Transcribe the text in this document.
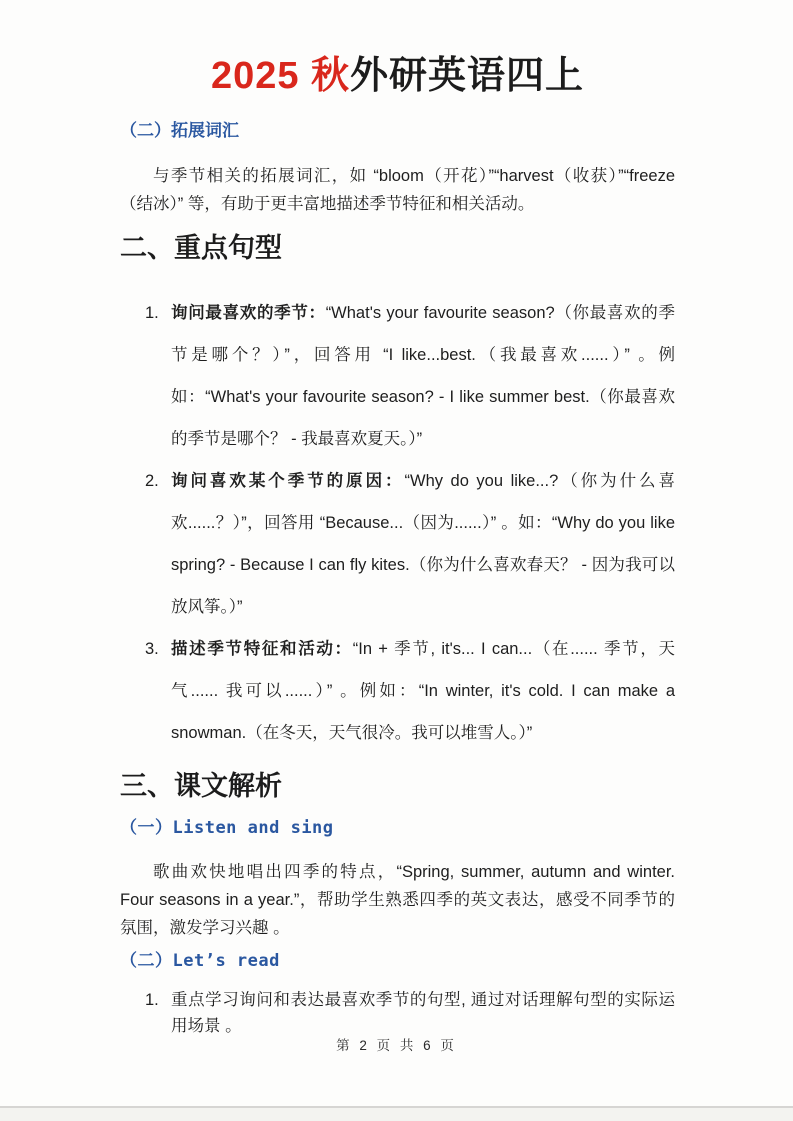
2025 秋外研英语四上
（二）拓展词汇

与季节相关的拓展词汇，如 “bloom（开花）”“harvest（收获）”“freeze（结冰）” 等，有助于更丰富地描述季节特征和相关活动。

二、重点句型
1. 询问最喜欢的季节：“What's your favourite season?（你最喜欢的季节是哪个？）”，回答用 “I like...best.（我最喜欢......）” 。例如：“What's your favourite season? - I like summer best.（你最喜欢的季节是哪个？ - 我最喜欢夏天。）”
2. 询问喜欢某个季节的原因：“Why do you like...?（你为什么喜欢......？）”，回答用 “Because...（因为......）” 。如：“Why do you like spring? - Because I can fly kites.（你为什么喜欢春天？ - 因为我可以放风筝。）”
3. 描述季节特征和活动：“In + 季节, it's... I can...（在...... 季节，天气...... 我可以......）” 。例如：“In winter, it's cold. I can make a snowman.（在冬天，天气很冷。我可以堆雪人。）”
三、课文解析
（一）Listen and sing

歌曲欢快地唱出四季的特点，“Spring, summer, autumn and winter. Four seasons in a year.”，帮助学生熟悉四季的英文表达，感受不同季节的氛围，激发学习兴趣 。

（二）Let’s read
1. 重点学习询问和表达最喜欢季节的句型, 通过对话理解句型的实际运用场景 。
第 2 页 共 6 页
